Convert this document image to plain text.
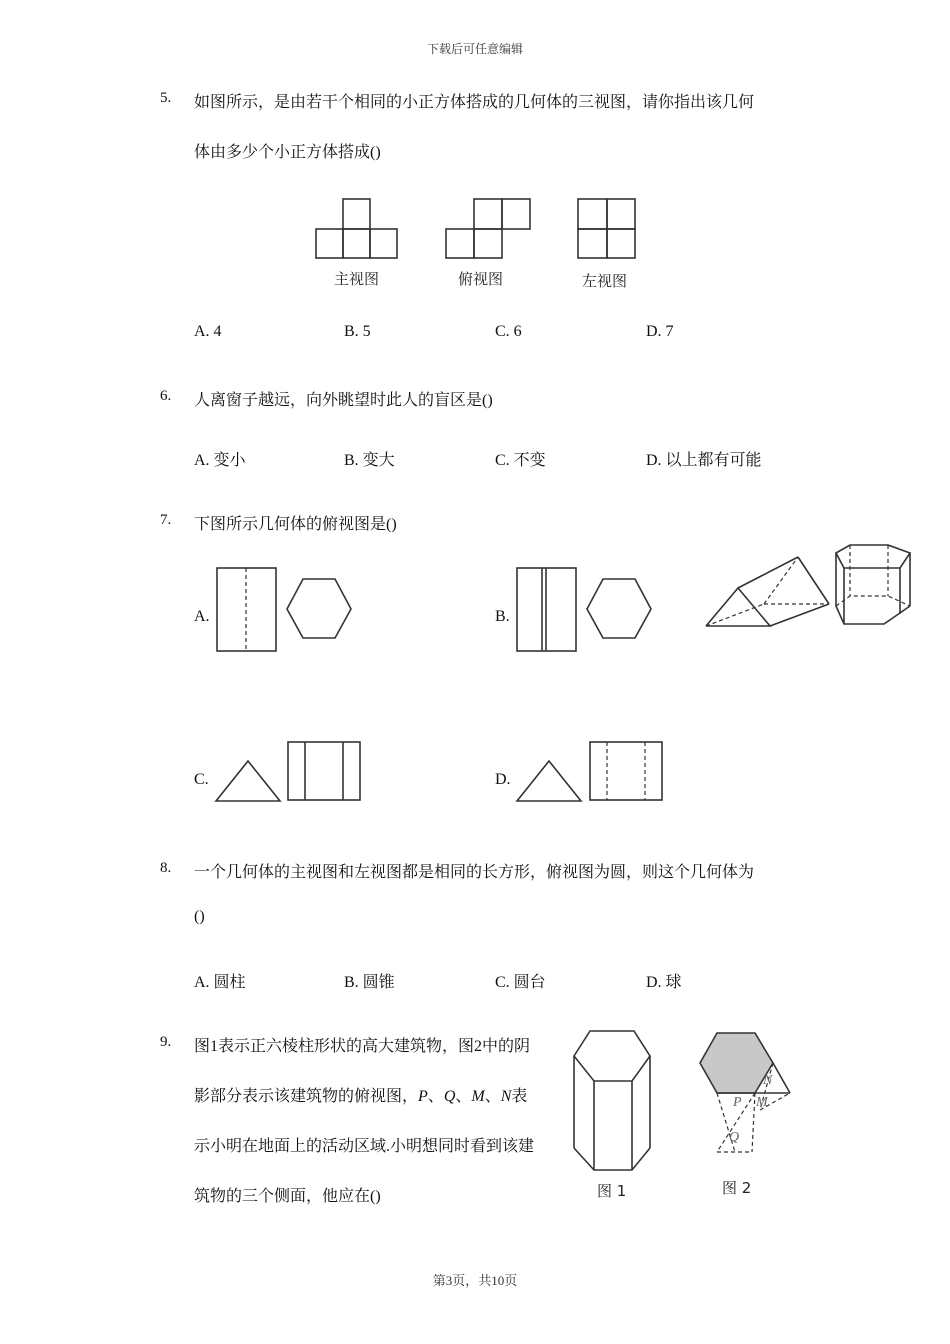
下载后可任意编辑
5. 如图所示，是由若干个相同的小正方体搭成的几何体的三视图，请你指出该几何
体由多少个小正方体搭成()
主视图	俯视图	左视图
A. 4	B. 5	C. 6	D. 7
6. 人离窗子越远，向外眺望时此人的盲区是()
A. 变小	B. 变大	C. 不变	D. 以上都有可能
7. 下图所示几何体的俯视图是()
A.	B.
C.	D.
8. 一个几何体的主视图和左视图都是相同的长方形，俯视图为圆，则这个几何体为
()
A. 圆柱	B. 圆锥	C. 圆台	D. 球
9. 图1表示正六棱柱形状的高大建筑物，图2中的阴
影部分表示该建筑物的俯视图，P、Q、M、N表
示小明在地面上的活动区域.小明想同时看到该建
筑物的三个侧面，他应在()	图 1
N
P M
Q
图 2
第3页，共10页
